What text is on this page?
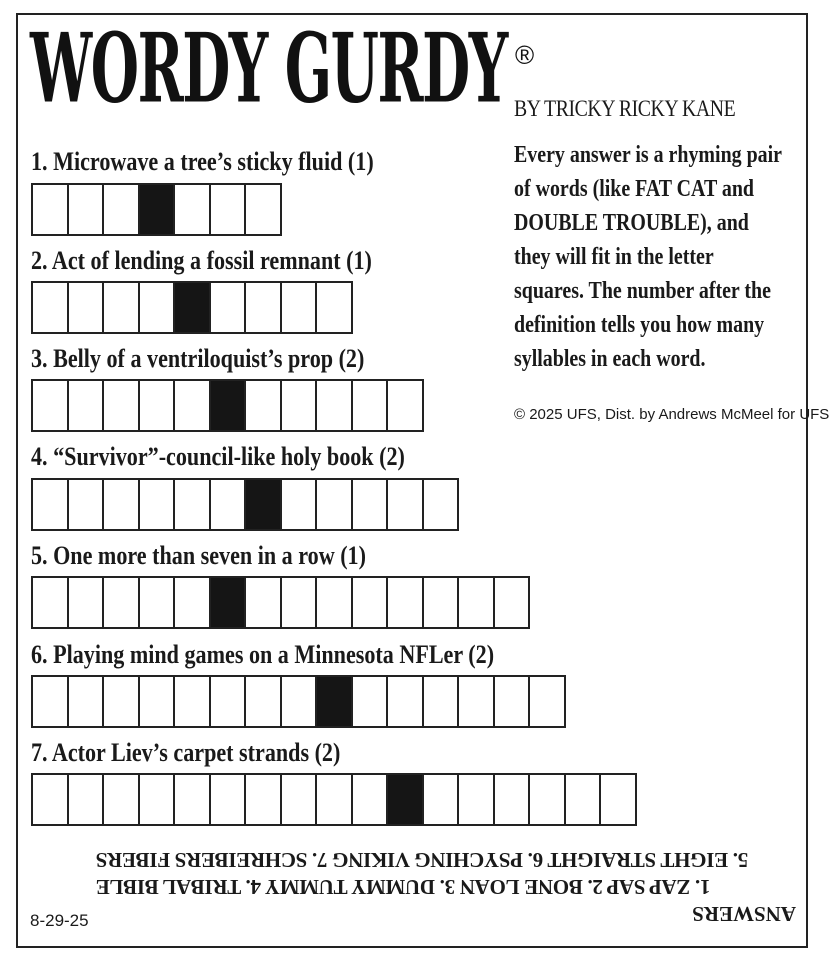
WORDY GURDY ®
BY TRICKY RICKY KANE

Every answer is a rhyming pair of words (like FAT CAT and DOUBLE TROUBLE), and they will fit in the letter squares. The number after the definition tells you how many syllables in each word.

© 2025 UFS, Dist. by Andrews McMeel for UFS

1. Microwave a tree’s sticky fluid (1)

2. Act of lending a fossil remnant (1)

3. Belly of a ventriloquist’s prop (2)

4. “Survivor”-council-like holy book (2)

5. One more than seven in a row (1)

6. Playing mind games on a Minnesota NFLer (2)

7. Actor Liev’s carpet strands (2)

ANSWERS
1. ZAP SAP 2. BONE LOAN 3. DUMMY TUMMY 4. TRIBAL BIBLE
5. EIGHT STRAIGHT 6. PSYCHING VIKING 7. SCHREIBERS FIBERS
8-29-25
